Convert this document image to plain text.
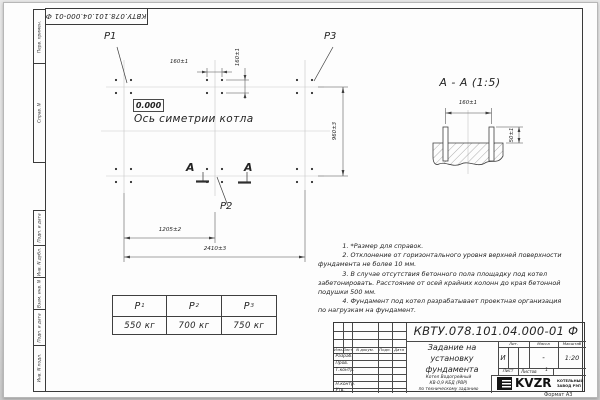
КВТУ.078.101.04.000-01 Ф
Перв. примен.
Справ. N
Подп. и дата
Инв. N дубл.
Взам. инв. N
Подп. и дата
Инв. N подл.
P1	P3
P2
0.000
Ось симетрии котла
160±1	160±1
960±3
1205±2
2410±3
А	А
А - А (1:5)
160±1
50±1
Р 1	Р 2	Р 3
550 кг	700 кг	750 кг
1. *Размер для справок.
2. Отклонение от горизонтального уровня верхней поверхности
фундамента не более 10 мм.
3. В случае отсутствия бетонного пола площадку под котел
забетонировать. Расстояние от осей крайних колонн до края бетонной
подушки 500 мм.
4. Фундамент под котел разрабатывает проектная организация
по нагрузкам на фундамент.
КВТУ.078.101.04.000-01 Ф
Изм. Лист	N докум.	Подп. Дата
Разраб.
Пров.
Т.контр.
Н.контр.
Утв.
Задание на
установку
фундамента
Котел Водогрейный
КВ-0,9 КБД (РВР)
по техническому заданию
Лит.	Масса	Масштаб
И	-	1:20
Лист	Листов	1
KVZR КОТЕЛЬНЫЙ
ЗАВОД РЭП
Формат А3
